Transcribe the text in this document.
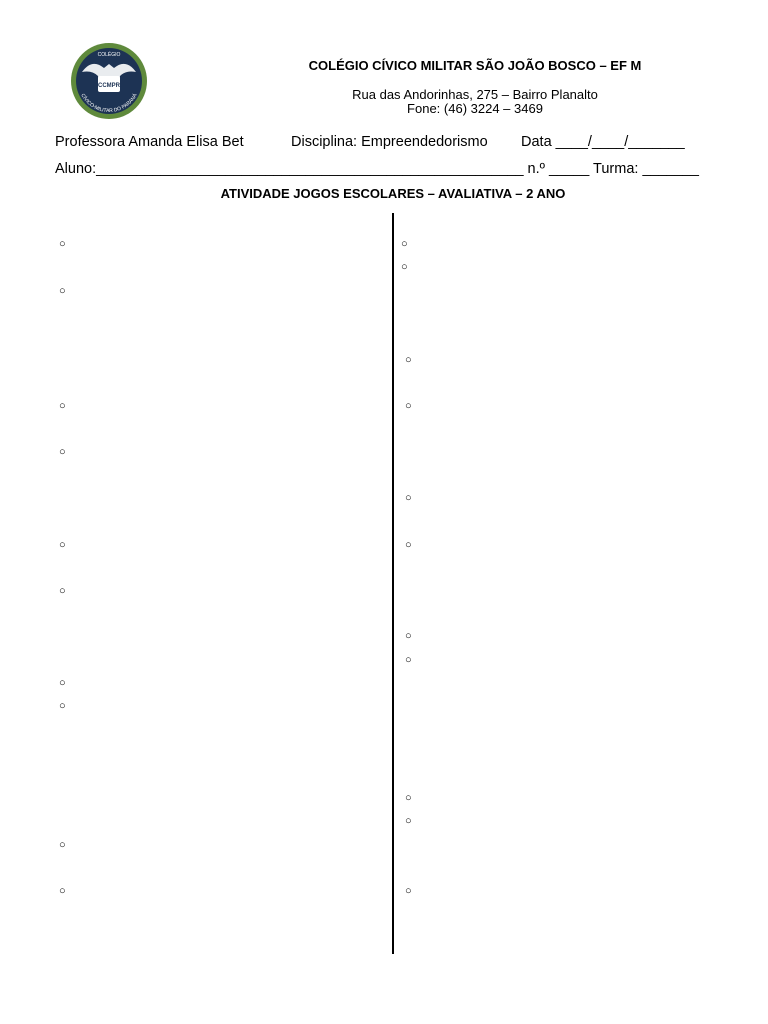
COLÉGIO
CCMPR
CÍVICO-MILITAR DO PARANÁ
COLÉGIO CÍVICO MILITAR SÃO JOÃO BOSCO – EF M
Rua das Andorinhas, 275 – Bairro Planalto
Fone: (46) 3224 – 3469
Professora Amanda Elisa Bet	Disciplina: Empreendedorismo Data ____/____/_______
Aluno:_____________________________________________________ n.º _____ Turma: _______
ATIVIDADE JOGOS ESCOLARES – AVALIATIVA – 2 ANO
○
○
○
○
○
○
○
○
○
○
○
○
○
○
○
○
○
○
○
○
○
